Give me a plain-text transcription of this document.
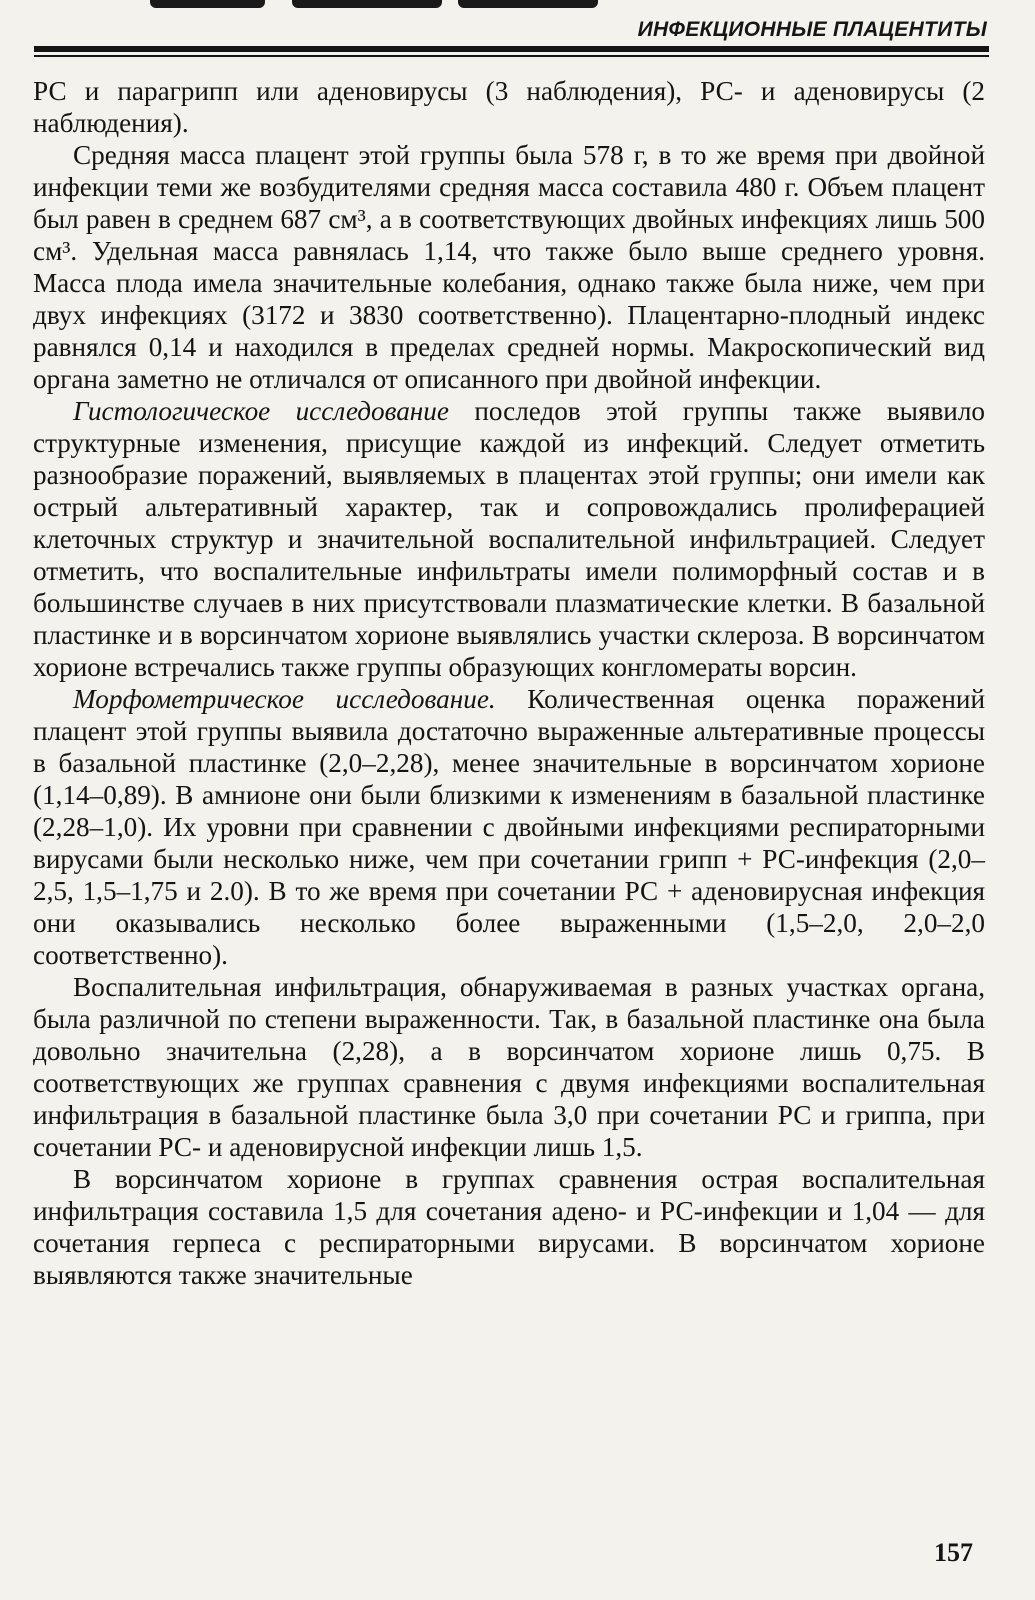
ИНФЕКЦИОННЫЕ ПЛАЦЕНТИТЫ

РС и парагрипп или аденовирусы (3 наблюдения), РС- и аденовирусы (2 наблюдения).

Средняя масса плацент этой группы была 578 г, в то же время при двойной инфекции теми же возбудителями средняя масса составила 480 г. Объем плацент был равен в среднем 687 см³, а в соответствующих двойных инфекциях лишь 500 см³. Удельная масса равнялась 1,14, что также было выше среднего уровня. Масса плода имела значительные колебания, однако также была ниже, чем при двух инфекциях (3172 и 3830 соответственно). Плацентарно-плодный индекс равнялся 0,14 и находился в пределах средней нормы. Макроскопический вид органа заметно не отличался от описанного при двойной инфекции.

Гистологическое исследование последов этой группы также выявило структурные изменения, присущие каждой из инфекций. Следует отметить разнообразие поражений, выявляемых в плацентах этой группы; они имели как острый альтеративный характер, так и сопровождались пролиферацией клеточных структур и значительной воспалительной инфильтрацией. Следует отметить, что воспалительные инфильтраты имели полиморфный состав и в большинстве случаев в них присутствовали плазматические клетки. В базальной пластинке и в ворсинчатом хорионе выявлялись участки склероза. В ворсинчатом хорионе встречались также группы образующих конгломераты ворсин.

Морфометрическое исследование. Количественная оценка поражений плацент этой группы выявила достаточно выраженные альтеративные процессы в базальной пластинке (2,0–2,28), менее значительные в ворсинчатом хорионе (1,14–0,89). В амнионе они были близкими к изменениям в базальной пластинке (2,28–1,0). Их уровни при сравнении с двойными инфекциями респираторными вирусами были несколько ниже, чем при сочетании грипп + РС-инфекция (2,0–2,5, 1,5–1,75 и 2.0). В то же время при сочетании РС + аденовирусная инфекция они оказывались несколько более выраженными (1,5–2,0, 2,0–2,0 соответственно).

Воспалительная инфильтрация, обнаруживаемая в разных участках органа, была различной по степени выраженности. Так, в базальной пластинке она была довольно значительна (2,28), а в ворсинчатом хорионе лишь 0,75. В соответствующих же группах сравнения с двумя инфекциями воспалительная инфильтрация в базальной пластинке была 3,0 при сочетании РС и гриппа, при сочетании РС- и аденовирусной инфекции лишь 1,5.

В ворсинчатом хорионе в группах сравнения острая воспалительная инфильтрация составила 1,5 для сочетания адено- и РС-инфекции и 1,04 — для сочетания герпеса с респираторными вирусами. В ворсинчатом хорионе выявляются также значительные

157
